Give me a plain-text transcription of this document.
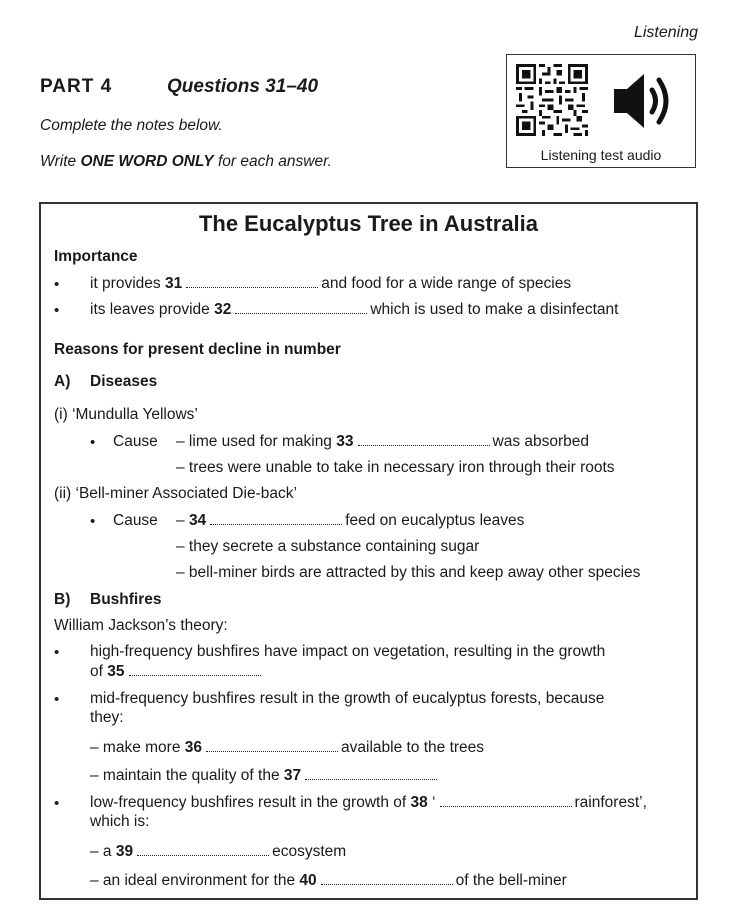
Listening
PART 4	Questions 31–40
Complete the notes below.
Write ONE WORD ONLY for each answer.	Listening test audio
The Eucalyptus Tree in Australia
Importance
• it provides 31	and food for a wide range of species
• its leaves provide 32	which is used to make a disinfectant
Reasons for present decline in number
A) Diseases
(i) ‘Mundulla Yellows’
• Cause – lime used for making 33	was absorbed
– trees were unable to take in necessary iron through their roots
(ii) ‘Bell-miner Associated Die-back’
• Cause – 34	feed on eucalyptus leaves
– they secrete a substance containing sugar
– bell-miner birds are attracted by this and keep away other species
B) Bushfires
William Jackson’s theory:
• high-frequency bushfires have impact on vegetation, resulting in the growth
of 35
• mid-frequency bushfires result in the growth of eucalyptus forests, because
they:
– make more 36	available to the trees
– maintain the quality of the 37
• low-frequency bushfires result in the growth of 38 ‘	rainforest’,
which is:
– a 39	ecosystem
– an ideal environment for the 40	of the bell-miner
